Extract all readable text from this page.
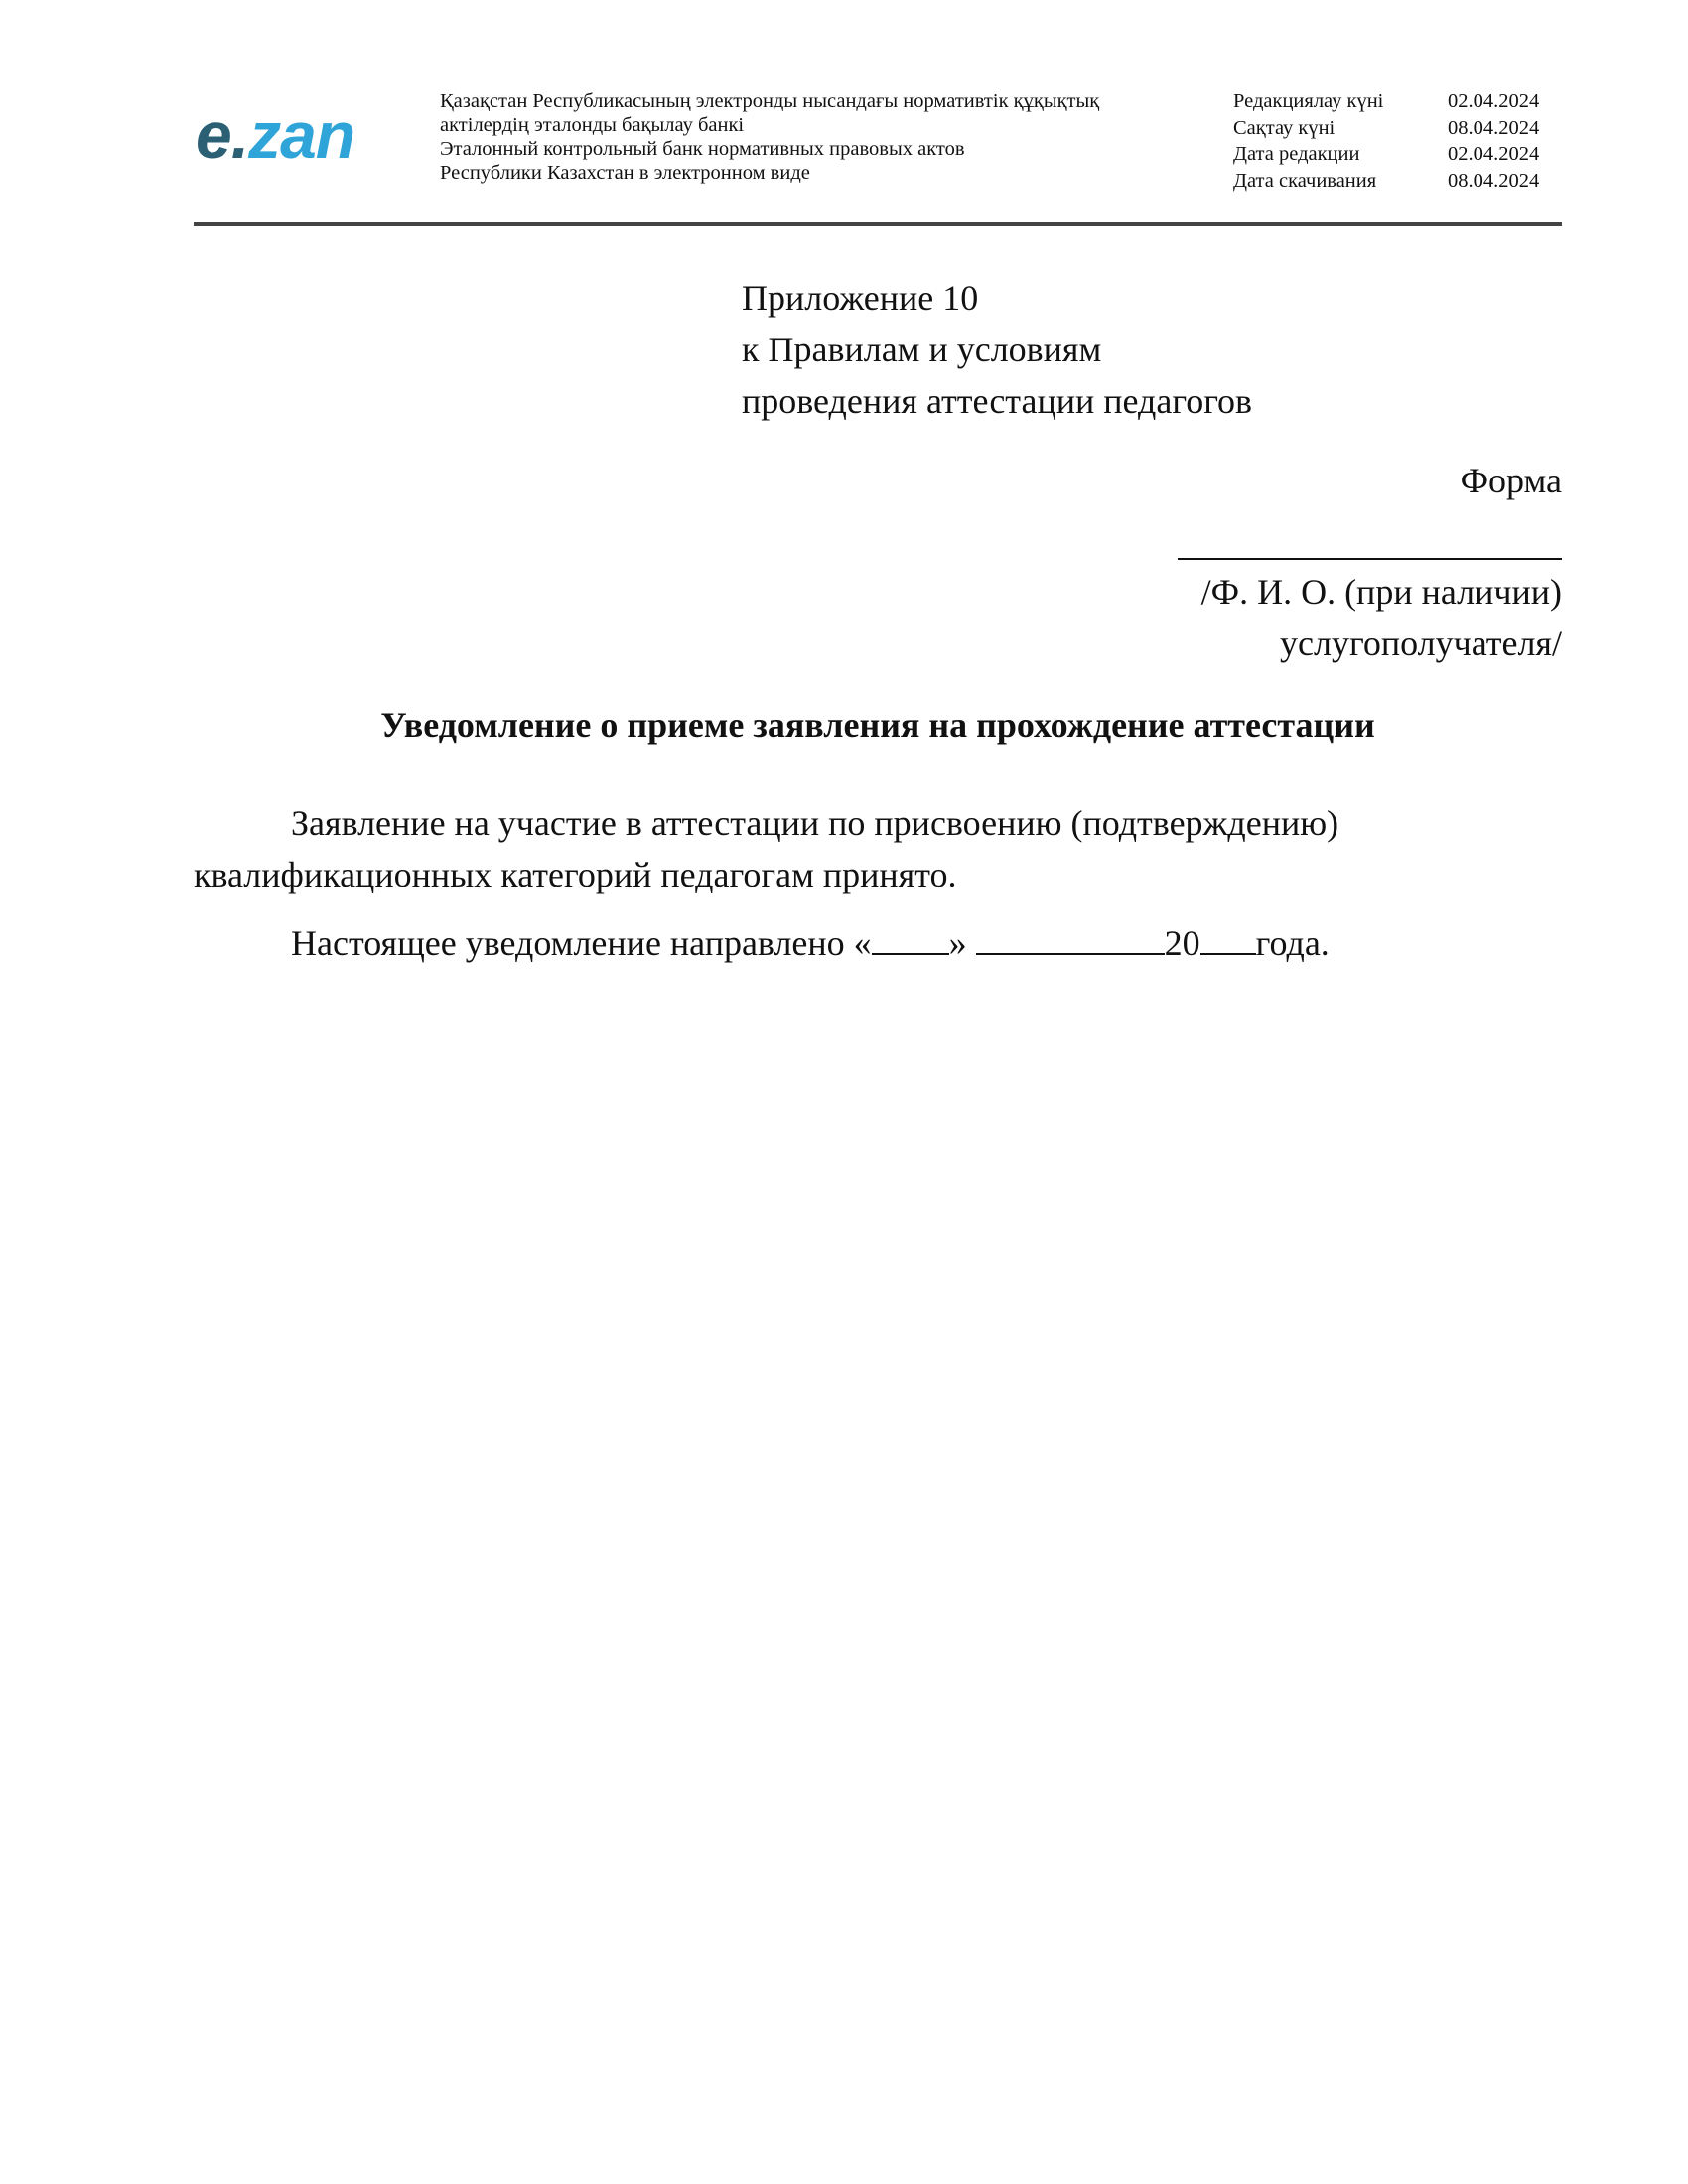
e.zan	Қазақстан Республикасының электронды нысандағы нормативтік құқықтық
актілердің эталонды бақылау банкі
Эталонный контрольный банк нормативных правовых актов
Республики Казахстан в электронном виде
Редакциялау күні	02.04.2024
Сақтау күні	08.04.2024
Дата редакции	02.04.2024
Дата скачивания	08.04.2024
Приложение 10
к Правилам и условиям
проведения аттестации педагогов
Форма
/Ф. И. О. (при наличии)
услугополучателя/
Уведомление о приеме заявления на прохождение аттестации
Заявление на участие в аттестации по присвоению (подтверждению)
квалификационных категорий педагогам принято.
Настоящее уведомление направлено « »	20 года.
